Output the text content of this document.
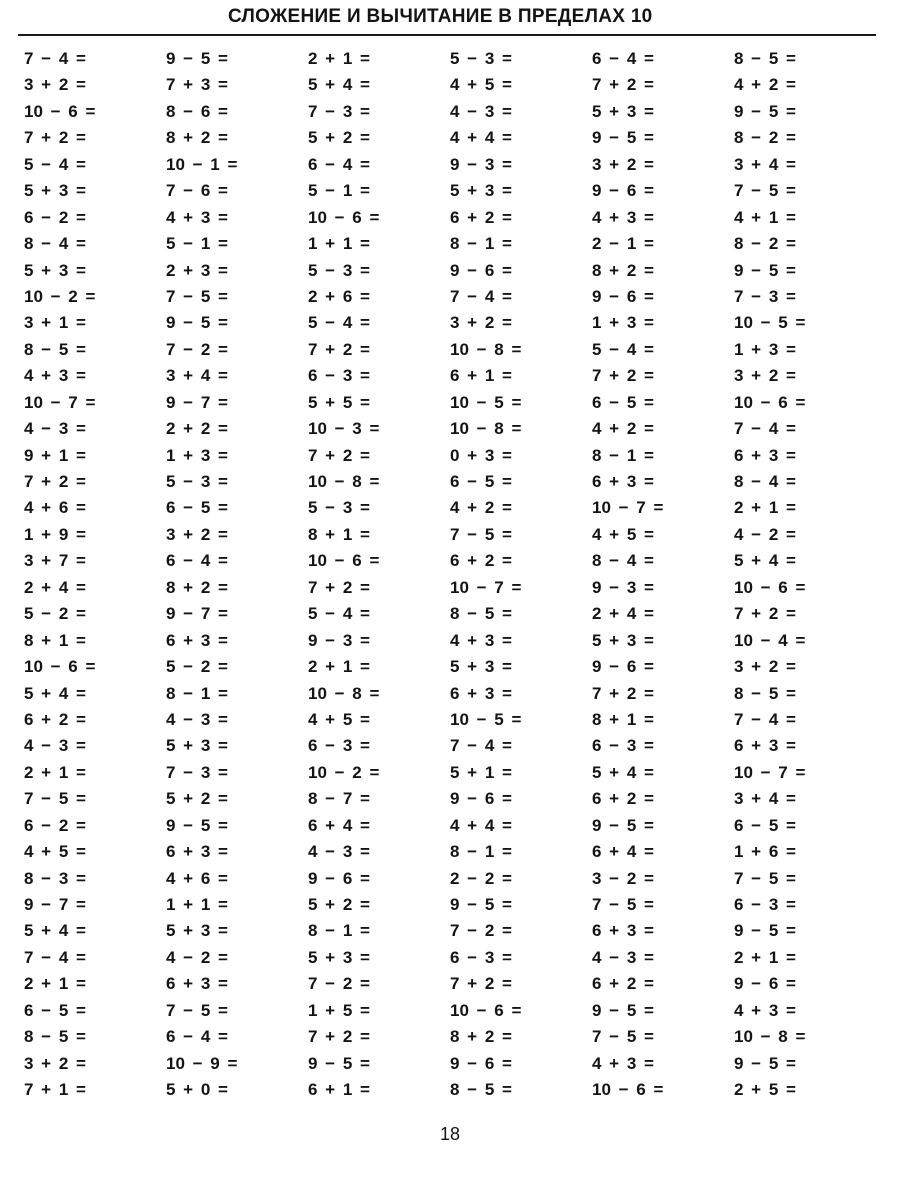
СЛОЖЕНИЕ И ВЫЧИТАНИЕ В ПРЕДЕЛАХ 10
7 − 4 =	9 − 5 =	2 + 1 =	5 − 3 =	6 − 4 =	8 − 5 =
3 + 2 =	7 + 3 =	5 + 4 =	4 + 5 =	7 + 2 =	4 + 2 =
10 − 6 =	8 − 6 =	7 − 3 =	4 − 3 =	5 + 3 =	9 − 5 =
7 + 2 =	8 + 2 =	5 + 2 =	4 + 4 =	9 − 5 =	8 − 2 =
5 − 4 =	10 − 1 =	6 − 4 =	9 − 3 =	3 + 2 =	3 + 4 =
5 + 3 =	7 − 6 =	5 − 1 =	5 + 3 =	9 − 6 =	7 − 5 =
6 − 2 =	4 + 3 =	10 − 6 =	6 + 2 =	4 + 3 =	4 + 1 =
8 − 4 =	5 − 1 =	1 + 1 =	8 − 1 =	2 − 1 =	8 − 2 =
5 + 3 =	2 + 3 =	5 − 3 =	9 − 6 =	8 + 2 =	9 − 5 =
10 − 2 =	7 − 5 =	2 + 6 =	7 − 4 =	9 − 6 =	7 − 3 =
3 + 1 =	9 − 5 =	5 − 4 =	3 + 2 =	1 + 3 =	10 − 5 =
8 − 5 =	7 − 2 =	7 + 2 =	10 − 8 =	5 − 4 =	1 + 3 =
4 + 3 =	3 + 4 =	6 − 3 =	6 + 1 =	7 + 2 =	3 + 2 =
10 − 7 =	9 − 7 =	5 + 5 =	10 − 5 =	6 − 5 =	10 − 6 =
4 − 3 =	2 + 2 =	10 − 3 =	10 − 8 =	4 + 2 =	7 − 4 =
9 + 1 =	1 + 3 =	7 + 2 =	0 + 3 =	8 − 1 =	6 + 3 =
7 + 2 =	5 − 3 =	10 − 8 =	6 − 5 =	6 + 3 =	8 − 4 =
4 + 6 =	6 − 5 =	5 − 3 =	4 + 2 =	10 − 7 =	2 + 1 =
1 + 9 =	3 + 2 =	8 + 1 =	7 − 5 =	4 + 5 =	4 − 2 =
3 + 7 =	6 − 4 =	10 − 6 =	6 + 2 =	8 − 4 =	5 + 4 =
2 + 4 =	8 + 2 =	7 + 2 =	10 − 7 =	9 − 3 =	10 − 6 =
5 − 2 =	9 − 7 =	5 − 4 =	8 − 5 =	2 + 4 =	7 + 2 =
8 + 1 =	6 + 3 =	9 − 3 =	4 + 3 =	5 + 3 =	10 − 4 =
10 − 6 =	5 − 2 =	2 + 1 =	5 + 3 =	9 − 6 =	3 + 2 =
5 + 4 =	8 − 1 =	10 − 8 =	6 + 3 =	7 + 2 =	8 − 5 =
6 + 2 =	4 − 3 =	4 + 5 =	10 − 5 =	8 + 1 =	7 − 4 =
4 − 3 =	5 + 3 =	6 − 3 =	7 − 4 =	6 − 3 =	6 + 3 =
2 + 1 =	7 − 3 =	10 − 2 =	5 + 1 =	5 + 4 =	10 − 7 =
7 − 5 =	5 + 2 =	8 − 7 =	9 − 6 =	6 + 2 =	3 + 4 =
6 − 2 =	9 − 5 =	6 + 4 =	4 + 4 =	9 − 5 =	6 − 5 =
4 + 5 =	6 + 3 =	4 − 3 =	8 − 1 =	6 + 4 =	1 + 6 =
8 − 3 =	4 + 6 =	9 − 6 =	2 − 2 =	3 − 2 =	7 − 5 =
9 − 7 =	1 + 1 =	5 + 2 =	9 − 5 =	7 − 5 =	6 − 3 =
5 + 4 =	5 + 3 =	8 − 1 =	7 − 2 =	6 + 3 =	9 − 5 =
7 − 4 =	4 − 2 =	5 + 3 =	6 − 3 =	4 − 3 =	2 + 1 =
2 + 1 =	6 + 3 =	7 − 2 =	7 + 2 =	6 + 2 =	9 − 6 =
6 − 5 =	7 − 5 =	1 + 5 =	10 − 6 =	9 − 5 =	4 + 3 =
8 − 5 =	6 − 4 =	7 + 2 =	8 + 2 =	7 − 5 =	10 − 8 =
3 + 2 =	10 − 9 =	9 − 5 =	9 − 6 =	4 + 3 =	9 − 5 =
7 + 1 =	5 + 0 =	6 + 1 =	8 − 5 =	10 − 6 =	2 + 5 =
18
